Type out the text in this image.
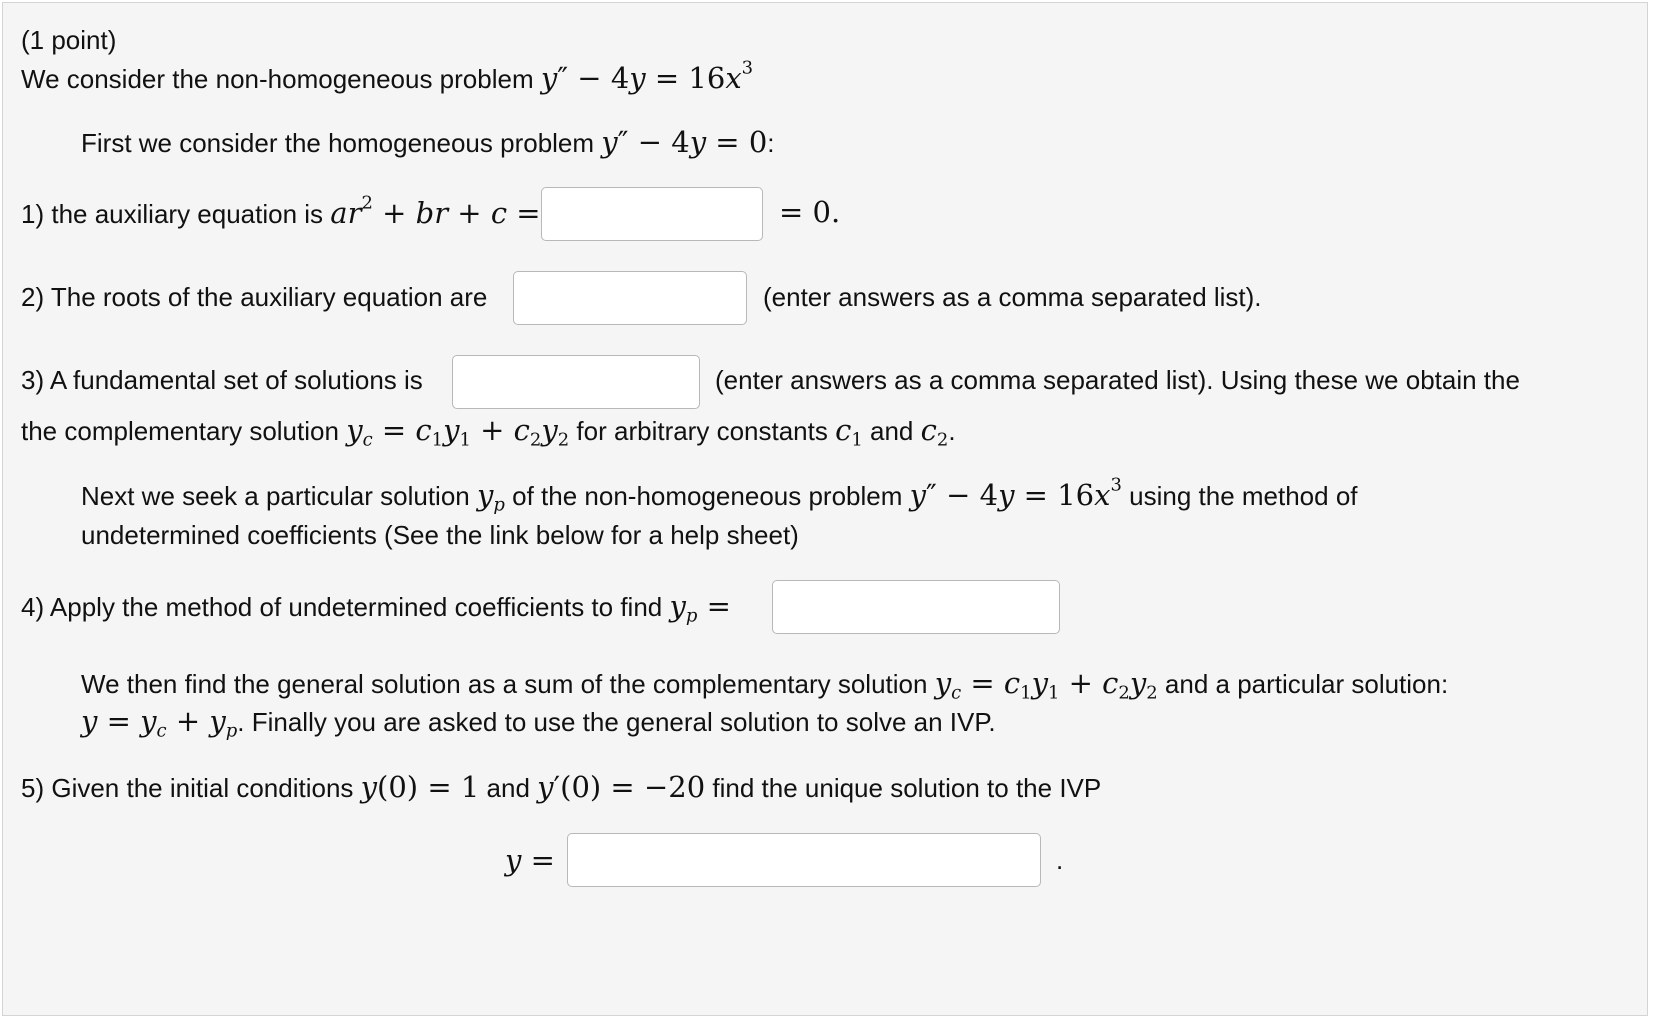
(1 point)
We consider the non-homogeneous problem $y'' - 4y = 16x^3$
First we consider the homogeneous problem y″ − 4y = 0:
1) the auxiliary equation is $ar^2$ + br + c =	= 0.
2) The roots of the auxiliary equation are	(enter answers as a comma separated list).
3) A fundamental set of solutions is	(enter answers as a comma separated list). Using these we obtain the
the complementary solution $y_c = c_1y_1 + c_2y_2$ for arbitrary constants $c_1$ and $c_2$.
Next we seek a particular solution $y_p$ of the non-homogeneous problem $y'' - 4y = 16x^3$ using the method of
undetermined coefficients (See the link below for a help sheet)
4) Apply the method of undetermined coefficients to find $y_p$ =
We then find the general solution as a sum of the complementary solution $y_c = c_1y_1 + c_2y_2$ and a particular solution:
$y = y_c + y_p$. Finally you are asked to use the general solution to solve an IVP.
5) Given the initial conditions y(0) = 1 and y′(0) = −20 find the unique solution to the IVP
y =	.
